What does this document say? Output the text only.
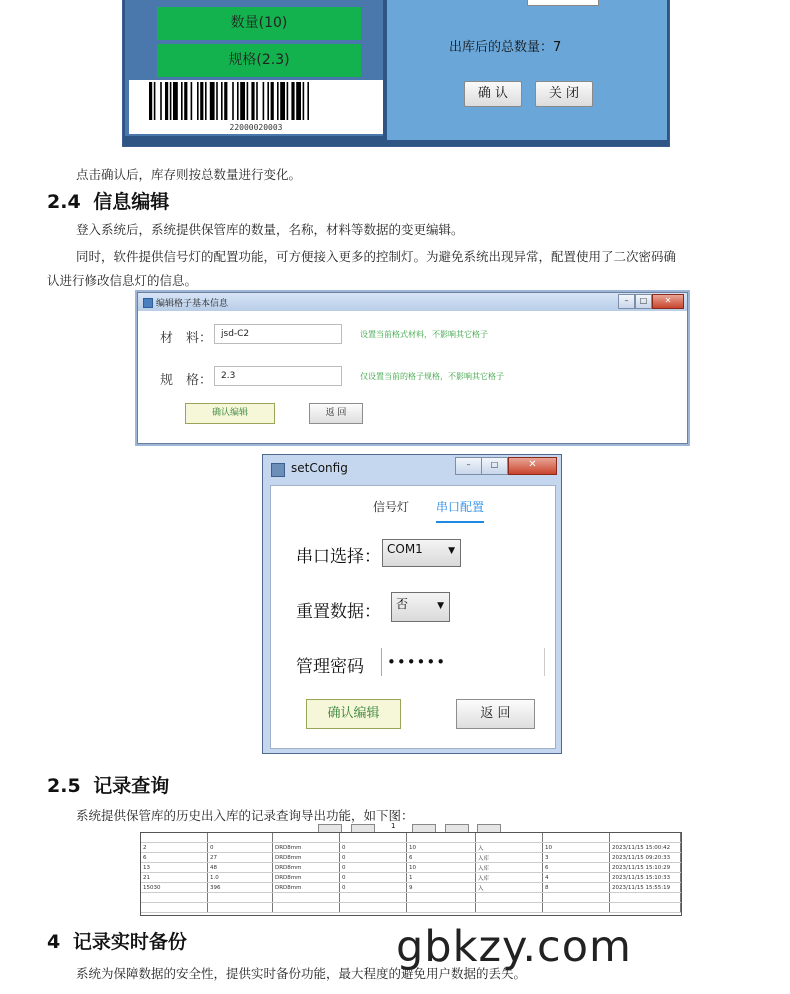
数量(10)
规格(2.3)
22000020003
出库后的总数量：7
确 认	关 闭
点击确认后，库存则按总数量进行变化。
2.4 信息编辑
登入系统后，系统提供保管库的数量，名称，材料等数据的变更编辑。
同时，软件提供信号灯的配置功能，可方便接入更多的控制灯。为避免系统出现异常，配置使用了二次密码确
认进行修改信息灯的信息。
编辑格子基本信息	–	□	✕
材　料： jsd-C2	设置当前格式材料，不影响其它格子
规　格： 2.3	仅设置当前的格子规格，不影响其它格子
确认编辑	返 回
setConfig	–	□	✕
信号灯 串口配置
串口选择： COM1	▼
重置数据： 否	▼
管理密码 ••••••
确认编辑	返 回
2.5 记录查询
系统提供保管库的历史出入库的记录查询导出功能，如下图：
1

2	0	DRD8mm	0	10	入	10	2023/11/15 15:00:42
6	27	DRD8mm	0	6	入库	3	2023/11/15 09:20:33
13	48	DRD8mm	0	10	入库	6	2023/11/15 15:10:29
21	1.0	DRD8mm	0	1	入库	4	2023/11/15 15:10:33
15030	396	DRD8mm	0	9	入	8	2023/11/15 15:55:19

4 记录实时备份
系统为保障数据的安全性，提供实时备份功能，最大程度的避免用户数据的丢失。
gbkzy.com
